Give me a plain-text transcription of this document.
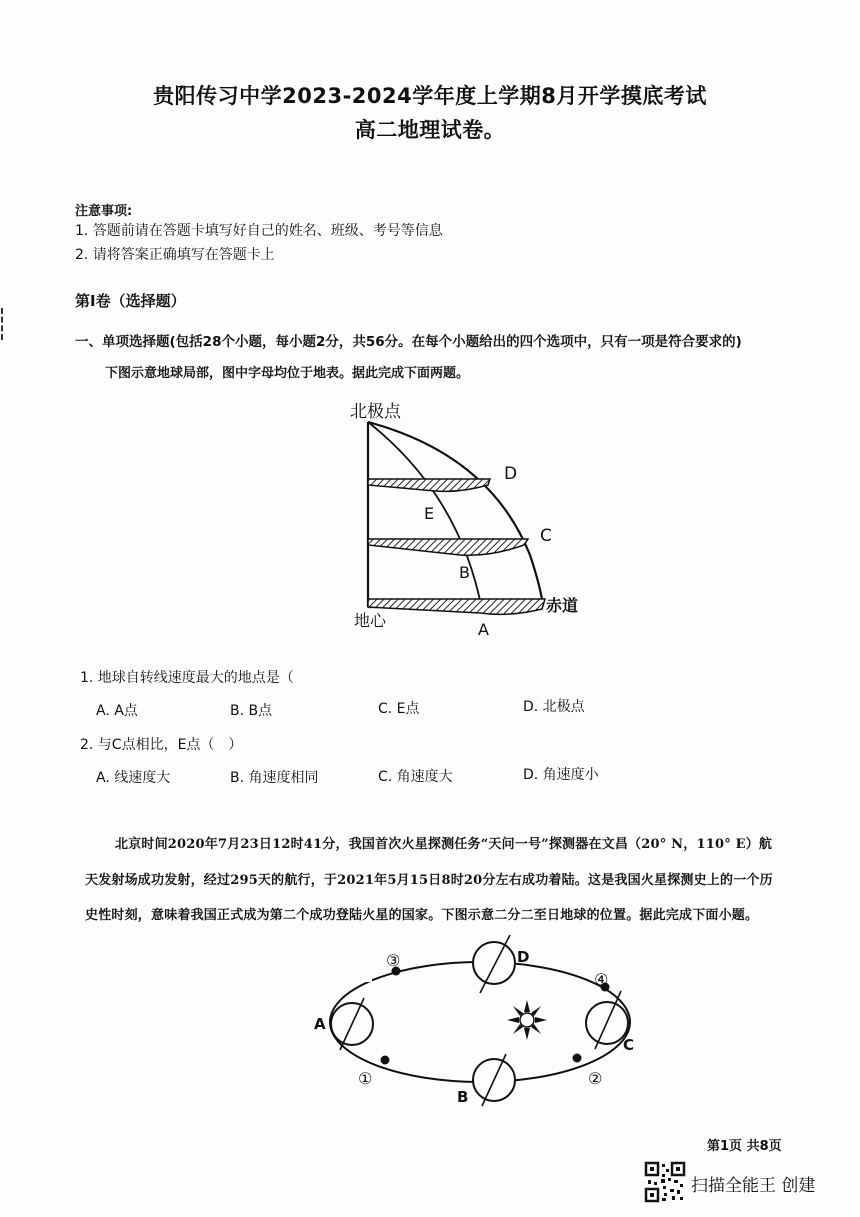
贵阳传习中学2023-2024学年度上学期8月开学摸底考试
高二地理试卷。
注意事项:
1. 答题前请在答题卡填写好自己的姓名、班级、考号等信息
2. 请将答案正确填写在答题卡上
第I卷（选择题）
一、单项选择题(包括28个小题，每小题2分，共56分。在每个小题给出的四个选项中，只有一项是符合要求的)
下图示意地球局部，图中字母均位于地表。据此完成下面两题。
北极点
地心
赤道
A
B
C
D
E
1. 地球自转线速度最大的地点是（
A. A点	B. B点	C. E点	D. 北极点
2. 与C点相比，E点（　）
A. 线速度大	B. 角速度相同	C. 角速度大	D. 角速度小
北京时间2020年7月23日12时41分，我国首次火星探测任务“天问一号”探测器在文昌（20° N，110° E）航
天发射场成功发射，经过295天的航行，于2021年5月15日8时20分左右成功着陆。这是我国火星探测史上的一个历
史性时刻，意味着我国正式成为第二个成功登陆火星的国家。下图示意二分二至日地球的位置。据此完成下面小题。
A
B
C
D
③
④
①	②
第1页 共8页
扫描全能王 创建
